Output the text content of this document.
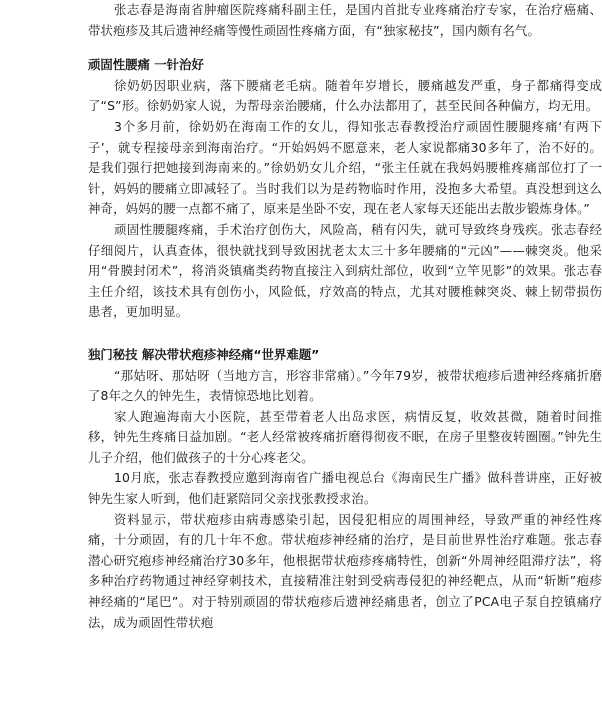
张志春是海南省肿瘤医院疼痛科副主任，是国内首批专业疼痛治疗专家，在治疗癌痛、带状疱疹及其后遗神经痛等慢性顽固性疼痛方面，有“独家秘技”，国内颇有名气。

顽固性腰痛 一针治好

徐奶奶因职业病，落下腰痛老毛病。随着年岁增长，腰痛越发严重，身子都痛得变成了“S”形。徐奶奶家人说，为帮母亲治腰痛，什么办法都用了，甚至民间各种偏方，均无用。

3个多月前，徐奶奶在海南工作的女儿，得知张志春教授治疗顽固性腰腿疼痛‘有两下子’，就专程接母亲到海南治疗。“开始妈妈不愿意来，老人家说都痛30多年了，治不好的。是我们强行把她接到海南来的。”徐奶奶女儿介绍，“张主任就在我妈妈腰椎疼痛部位打了一针，妈妈的腰痛立即减轻了。当时我们以为是药物临时作用，没抱多大希望。真没想到这么神奇，妈妈的腰一点都不痛了，原来是坐卧不安，现在老人家每天还能出去散步锻炼身体。”

顽固性腰腿疼痛，手术治疗创伤大，风险高，稍有闪失，就可导致终身残疾。张志春经仔细阅片，认真查体，很快就找到导致困扰老太太三十多年腰痛的“元凶”——棘突炎。他采用“骨膜封闭术”，将消炎镇痛类药物直接注入到病灶部位，收到“立竿见影”的效果。张志春主任介绍，该技术具有创伤小，风险低，疗效高的特点，尤其对腰椎棘突炎、棘上韧带损伤患者，更加明显。

独门秘技 解决带状疱疹神经痛“世界难题”

“那姑呀、那姑呀（当地方言，形容非常痛）。”今年79岁，被带状疱疹后遗神经疼痛折磨了8年之久的钟先生，表情惊恐地比划着。

家人跑遍海南大小医院，甚至带着老人出岛求医，病情反复，收效甚微，随着时间推移，钟先生疼痛日益加剧。“老人经常被疼痛折磨得彻夜不眠，在房子里整夜转圈圈。”钟先生儿子介绍，他们做孩子的十分心疼老父。

10月底，张志春教授应邀到海南省广播电视总台《海南民生广播》做科普讲座，正好被钟先生家人听到，他们赶紧陪同父亲找张教授求治。

资料显示，带状疱疹由病毒感染引起，因侵犯相应的周围神经，导致严重的神经性疼痛，十分顽固，有的几十年不愈。带状疱疹神经痛的治疗，是目前世界性治疗难题。张志春潜心研究疱疹神经痛治疗30多年，他根据带状疱疹疼痛特性，创新“外周神经阻滞疗法”，将多种治疗药物通过神经穿刺技术，直接精准注射到受病毒侵犯的神经靶点，从而“斩断”疱疹神经痛的“尾巴”。对于特别顽固的带状疱疹后遗神经痛患者，创立了PCA电子泵自控镇痛疗法，成为顽固性带状疱
